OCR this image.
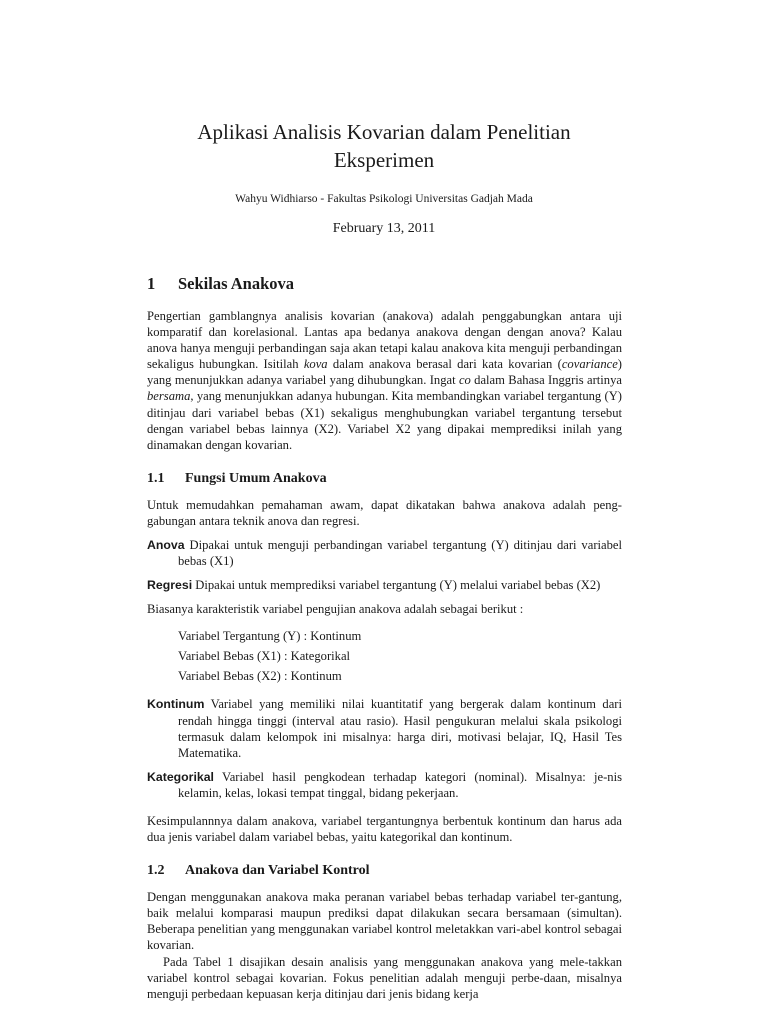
Aplikasi Analisis Kovarian dalam Penelitian
Eksperimen
Wahyu Widhiarso - Fakultas Psikologi Universitas Gadjah Mada
February 13, 2011
1 Sekilas Anakova

Pengertian gamblangnya analisis kovarian (anakova) adalah penggabungkan antara uji komparatif dan korelasional. Lantas apa bedanya anakova dengan dengan anova? Kalau anova hanya menguji perbandingan saja akan tetapi kalau anakova kita menguji perbandingan sekaligus hubungkan. Isitilah kova dalam anakova berasal dari kata kovarian (covariance) yang menunjukkan adanya variabel yang dihubungkan. Ingat co dalam Bahasa Inggris artinya bersama, yang menunjukkan adanya hubungan. Kita membandingkan variabel tergantung (Y) ditinjau dari variabel bebas (X1) sekaligus menghubungkan variabel tergantung tersebut dengan variabel bebas lainnya (X2). Variabel X2 yang dipakai memprediksi inilah yang dinamakan dengan kovarian.

1.1 Fungsi Umum Anakova

Untuk memudahkan pemahaman awam, dapat dikatakan bahwa anakova adalah peng-gabungan antara teknik anova dan regresi.

Anova Dipakai untuk menguji perbandingan variabel tergantung (Y) ditinjau dari variabel bebas (X1)

Regresi Dipakai untuk memprediksi variabel tergantung (Y) melalui variabel bebas (X2)

Biasanya karakteristik variabel pengujian anakova adalah sebagai berikut :

Variabel Tergantung (Y) : Kontinum
Variabel Bebas (X1) : Kategorikal
Variabel Bebas (X2) : Kontinum

Kontinum Variabel yang memiliki nilai kuantitatif yang bergerak dalam kontinum dari rendah hingga tinggi (interval atau rasio). Hasil pengukuran melalui skala psikologi termasuk dalam kelompok ini misalnya: harga diri, motivasi belajar, IQ, Hasil Tes Matematika.

Kategorikal Variabel hasil pengkodean terhadap kategori (nominal). Misalnya: je-nis kelamin, kelas, lokasi tempat tinggal, bidang pekerjaan.

Kesimpulannnya dalam anakova, variabel tergantungnya berbentuk kontinum dan harus ada dua jenis variabel dalam variabel bebas, yaitu kategorikal dan kontinum.

1.2 Anakova dan Variabel Kontrol

Dengan menggunakan anakova maka peranan variabel bebas terhadap variabel ter-gantung, baik melalui komparasi maupun prediksi dapat dilakukan secara bersamaan (simultan). Beberapa penelitian yang menggunakan variabel kontrol meletakkan vari-abel kontrol sebagai kovarian.

Pada Tabel 1 disajikan desain analisis yang menggunakan anakova yang mele-takkan variabel kontrol sebagai kovarian. Fokus penelitian adalah menguji perbe-daan, misalnya menguji perbedaan kepuasan kerja ditinjau dari jenis bidang kerja
